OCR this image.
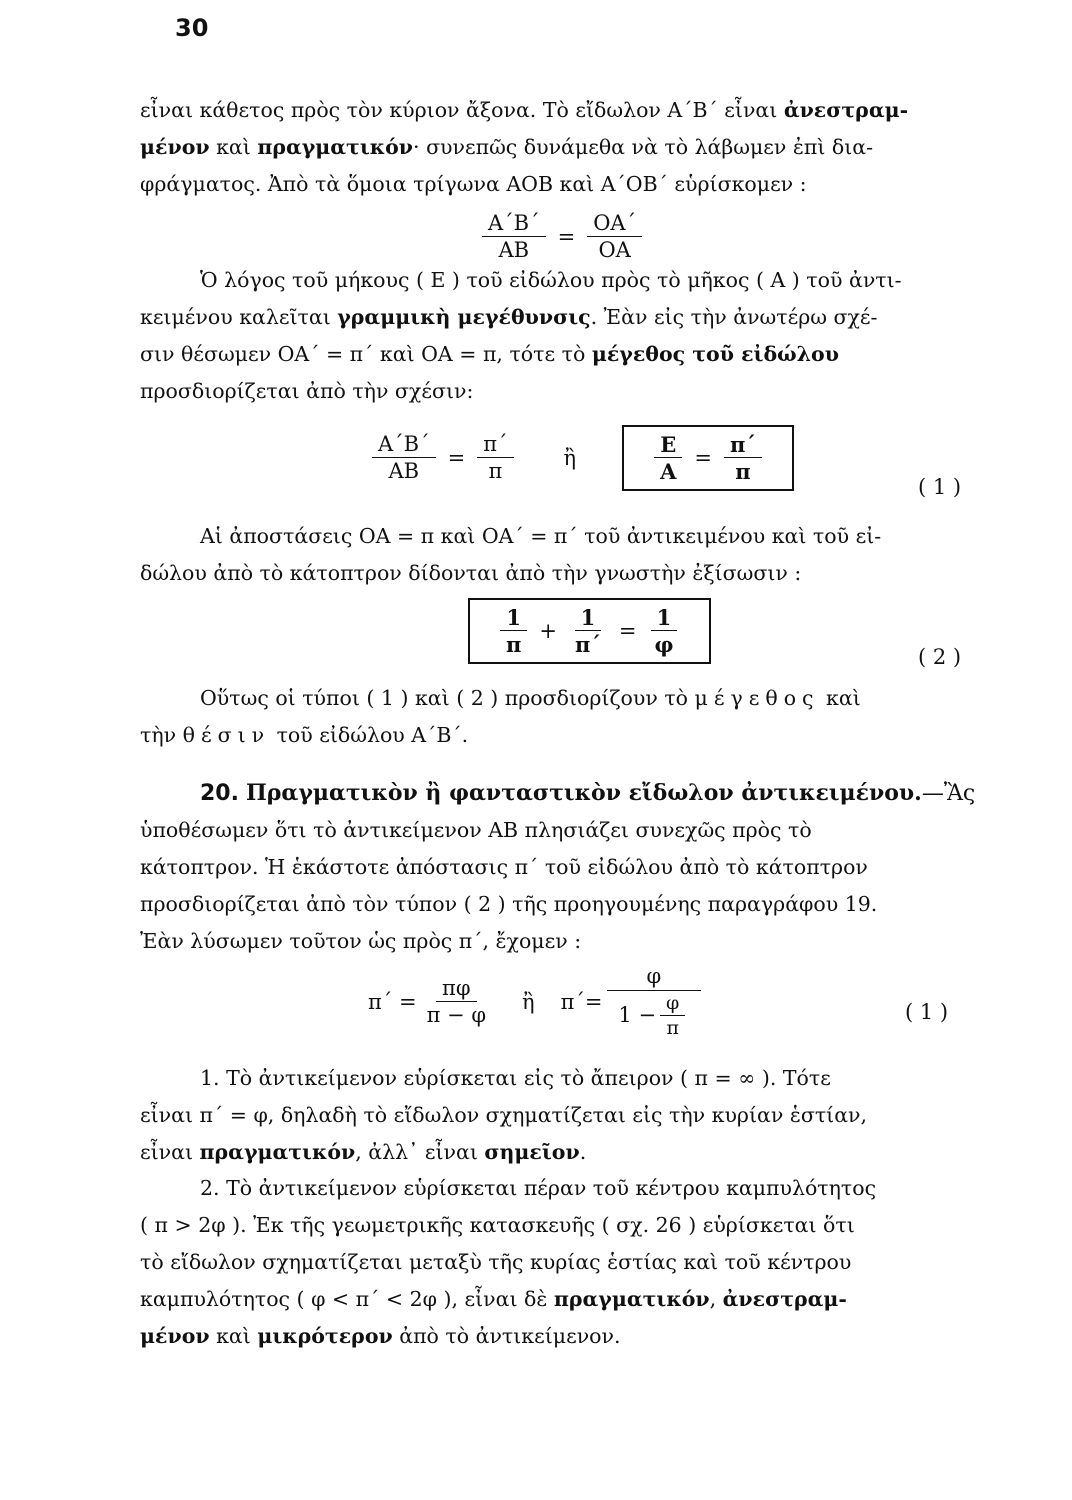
30

εἶναι κάθετος πρὸς τὸν κύριον ἄξονα. Τὸ εἴδωλον Α΄Β΄ εἶναι ἀνεστραμ-

μένον καὶ πραγματικόν· συνεπῶς δυνάμεθα νὰ τὸ λάβωμεν ἐπὶ δια-

φράγματος. Ἀπὸ τὰ ὅμοια τρίγωνα ΑΟΒ καὶ Α΄ΟΒ΄ εὑρίσκομεν :

$\frac{A΄B΄}{AB} = \frac{OA΄}{OA}$

Ὁ λόγος τοῦ μήκους ( Ε ) τοῦ εἰδώλου πρὸς τὸ μῆκος ( Α ) τοῦ ἀντι-

κειμένου καλεῖται γραμμικὴ μεγέθυνσις. Ἐὰν εἰς τὴν ἀνωτέρω σχέ-

σιν θέσωμεν ΟΑ΄ = π΄ καὶ ΟΑ = π, τότε τὸ μέγεθος τοῦ εἰδώλου

προσδιορίζεται ἀπὸ τὴν σχέσιν:

$\frac{A΄B΄}{AB} = \frac{\pi΄}{\pi}$ ἢ	$\frac{E}{A} = \frac{\pi΄}{\pi}$
( 1 )

Αἱ ἀποστάσεις ΟΑ = π καὶ ΟΑ΄ = π΄ τοῦ ἀντικειμένου καὶ τοῦ εἰ-

δώλου ἀπὸ τὸ κάτοπτρον δίδονται ἀπὸ τὴν γνωστὴν ἐξίσωσιν :

$\frac{1}{\pi} + \frac{1}{\pi΄} = \frac{1}{\varphi}$
( 2 )

Οὕτως οἱ τύποι ( 1 ) καὶ ( 2 ) προσδιορίζουν τὸ μέγεθος καὶ

τὴν θέσιν τοῦ εἰδώλου Α΄Β΄.

20. Πραγματικὸν ἢ φανταστικὸν εἴδωλον ἀντικειμένου.—Ἂς

ὑποθέσωμεν ὅτι τὸ ἀντικείμενον ΑΒ πλησιάζει συνεχῶς πρὸς τὸ

κάτοπτρον. Ἡ ἑκάστοτε ἀπόστασις π΄ τοῦ εἰδώλου ἀπὸ τὸ κάτοπτρον

προσδιορίζεται ἀπὸ τὸν τύπον ( 2 ) τῆς προηγουμένης παραγράφου 19.

Ἐὰν λύσωμεν τοῦτον ὡς πρὸς π΄, ἔχομεν :

$\pi΄ = \frac{\pi\varphi}{\pi - \varphi}$ ἢ $\pi΄= \frac{\varphi}{1 - \frac{\varphi}{\pi}}$	( 1 )

1. Τὸ ἀντικείμενον εὑρίσκεται εἰς τὸ ἄπειρον ( π = ∞ ). Τότε

εἶναι π΄ = φ, δηλαδὴ τὸ εἴδωλον σχηματίζεται εἰς τὴν κυρίαν ἑστίαν,

εἶναι πραγματικόν, ἀλλ᾽ εἶναι σημεῖον.

2. Τὸ ἀντικείμενον εὑρίσκεται πέραν τοῦ κέντρου καμπυλότητος

( π > 2φ ). Ἐκ τῆς γεωμετρικῆς κατασκευῆς ( σχ. 26 ) εὑρίσκεται ὅτι

τὸ εἴδωλον σχηματίζεται μεταξὺ τῆς κυρίας ἑστίας καὶ τοῦ κέντρου

καμπυλότητος ( φ < π΄ < 2φ ), εἶναι δὲ πραγματικόν, ἀνεστραμ-

μένον καὶ μικρότερον ἀπὸ τὸ ἀντικείμενον.
